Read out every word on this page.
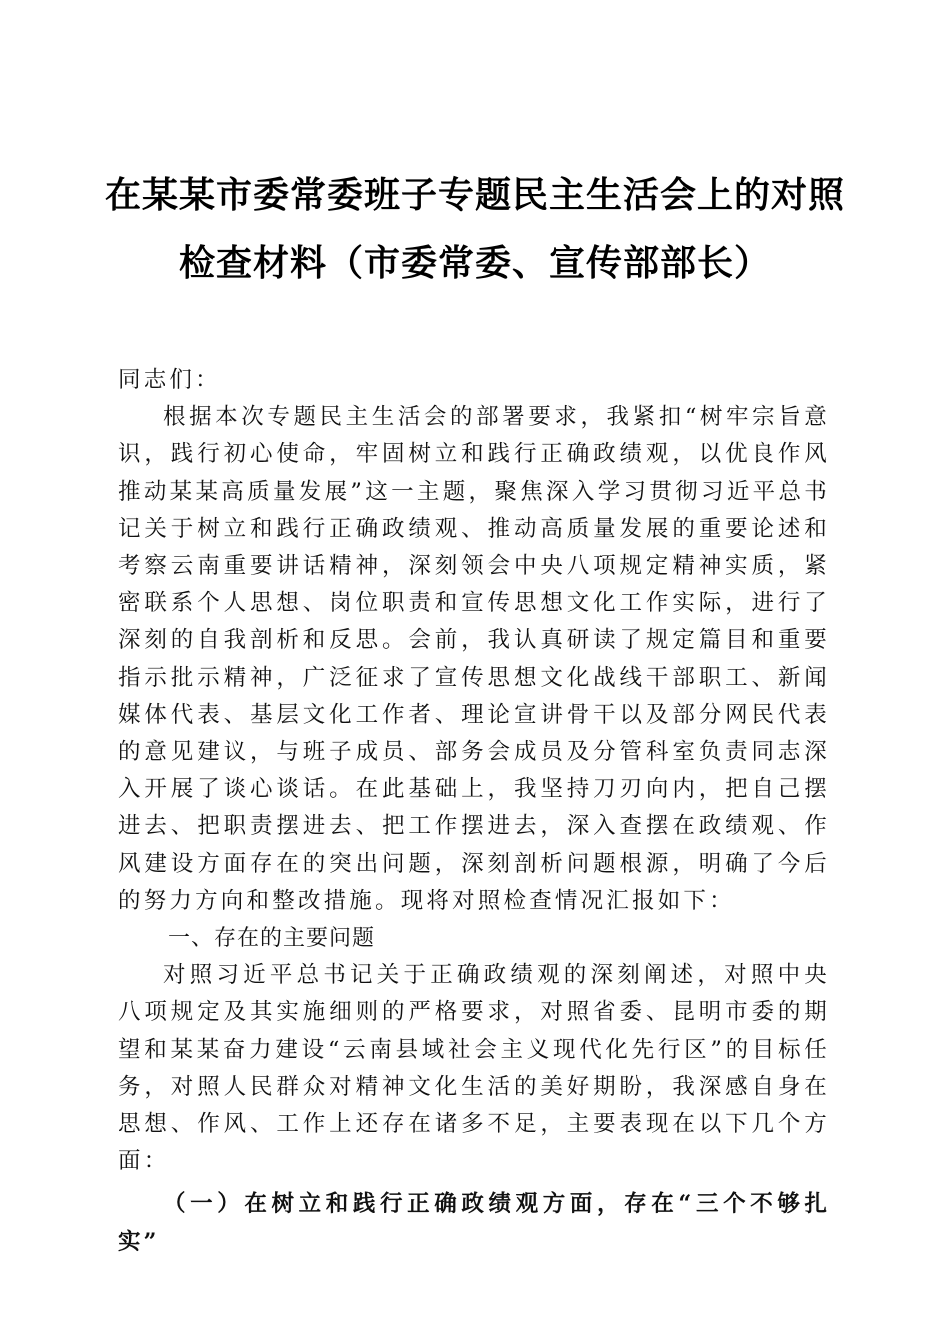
在某某市委常委班子专题民主生活会上的对照
检查材料（市委常委、宣传部部长）

同志们：

根据本次专题民主生活会的部署要求，我紧扣“树牢宗旨意识，践行初心使命，牢固树立和践行正确政绩观，以优良作风推动某某高质量发展”这一主题，聚焦深入学习贯彻习近平总书记关于树立和践行正确政绩观、推动高质量发展的重要论述和考察云南重要讲话精神，深刻领会中央八项规定精神实质，紧密联系个人思想、岗位职责和宣传思想文化工作实际，进行了深刻的自我剖析和反思。会前，我认真研读了规定篇目和重要指示批示精神，广泛征求了宣传思想文化战线干部职工、新闻媒体代表、基层文化工作者、理论宣讲骨干以及部分网民代表的意见建议，与班子成员、部务会成员及分管科室负责同志深入开展了谈心谈话。在此基础上，我坚持刀刃向内，把自己摆进去、把职责摆进去、把工作摆进去，深入查摆在政绩观、作风建设方面存在的突出问题，深刻剖析问题根源，明确了今后的努力方向和整改措施。现将对照检查情况汇报如下：

一、存在的主要问题

对照习近平总书记关于正确政绩观的深刻阐述，对照中央八项规定及其实施细则的严格要求，对照省委、昆明市委的期望和某某奋力建设“云南县域社会主义现代化先行区”的目标任务，对照人民群众对精神文化生活的美好期盼，我深感自身在思想、作风、工作上还存在诸多不足，主要表现在以下几个方面：

（一）在树立和践行正确政绩观方面，存在“三个不够扎实”
